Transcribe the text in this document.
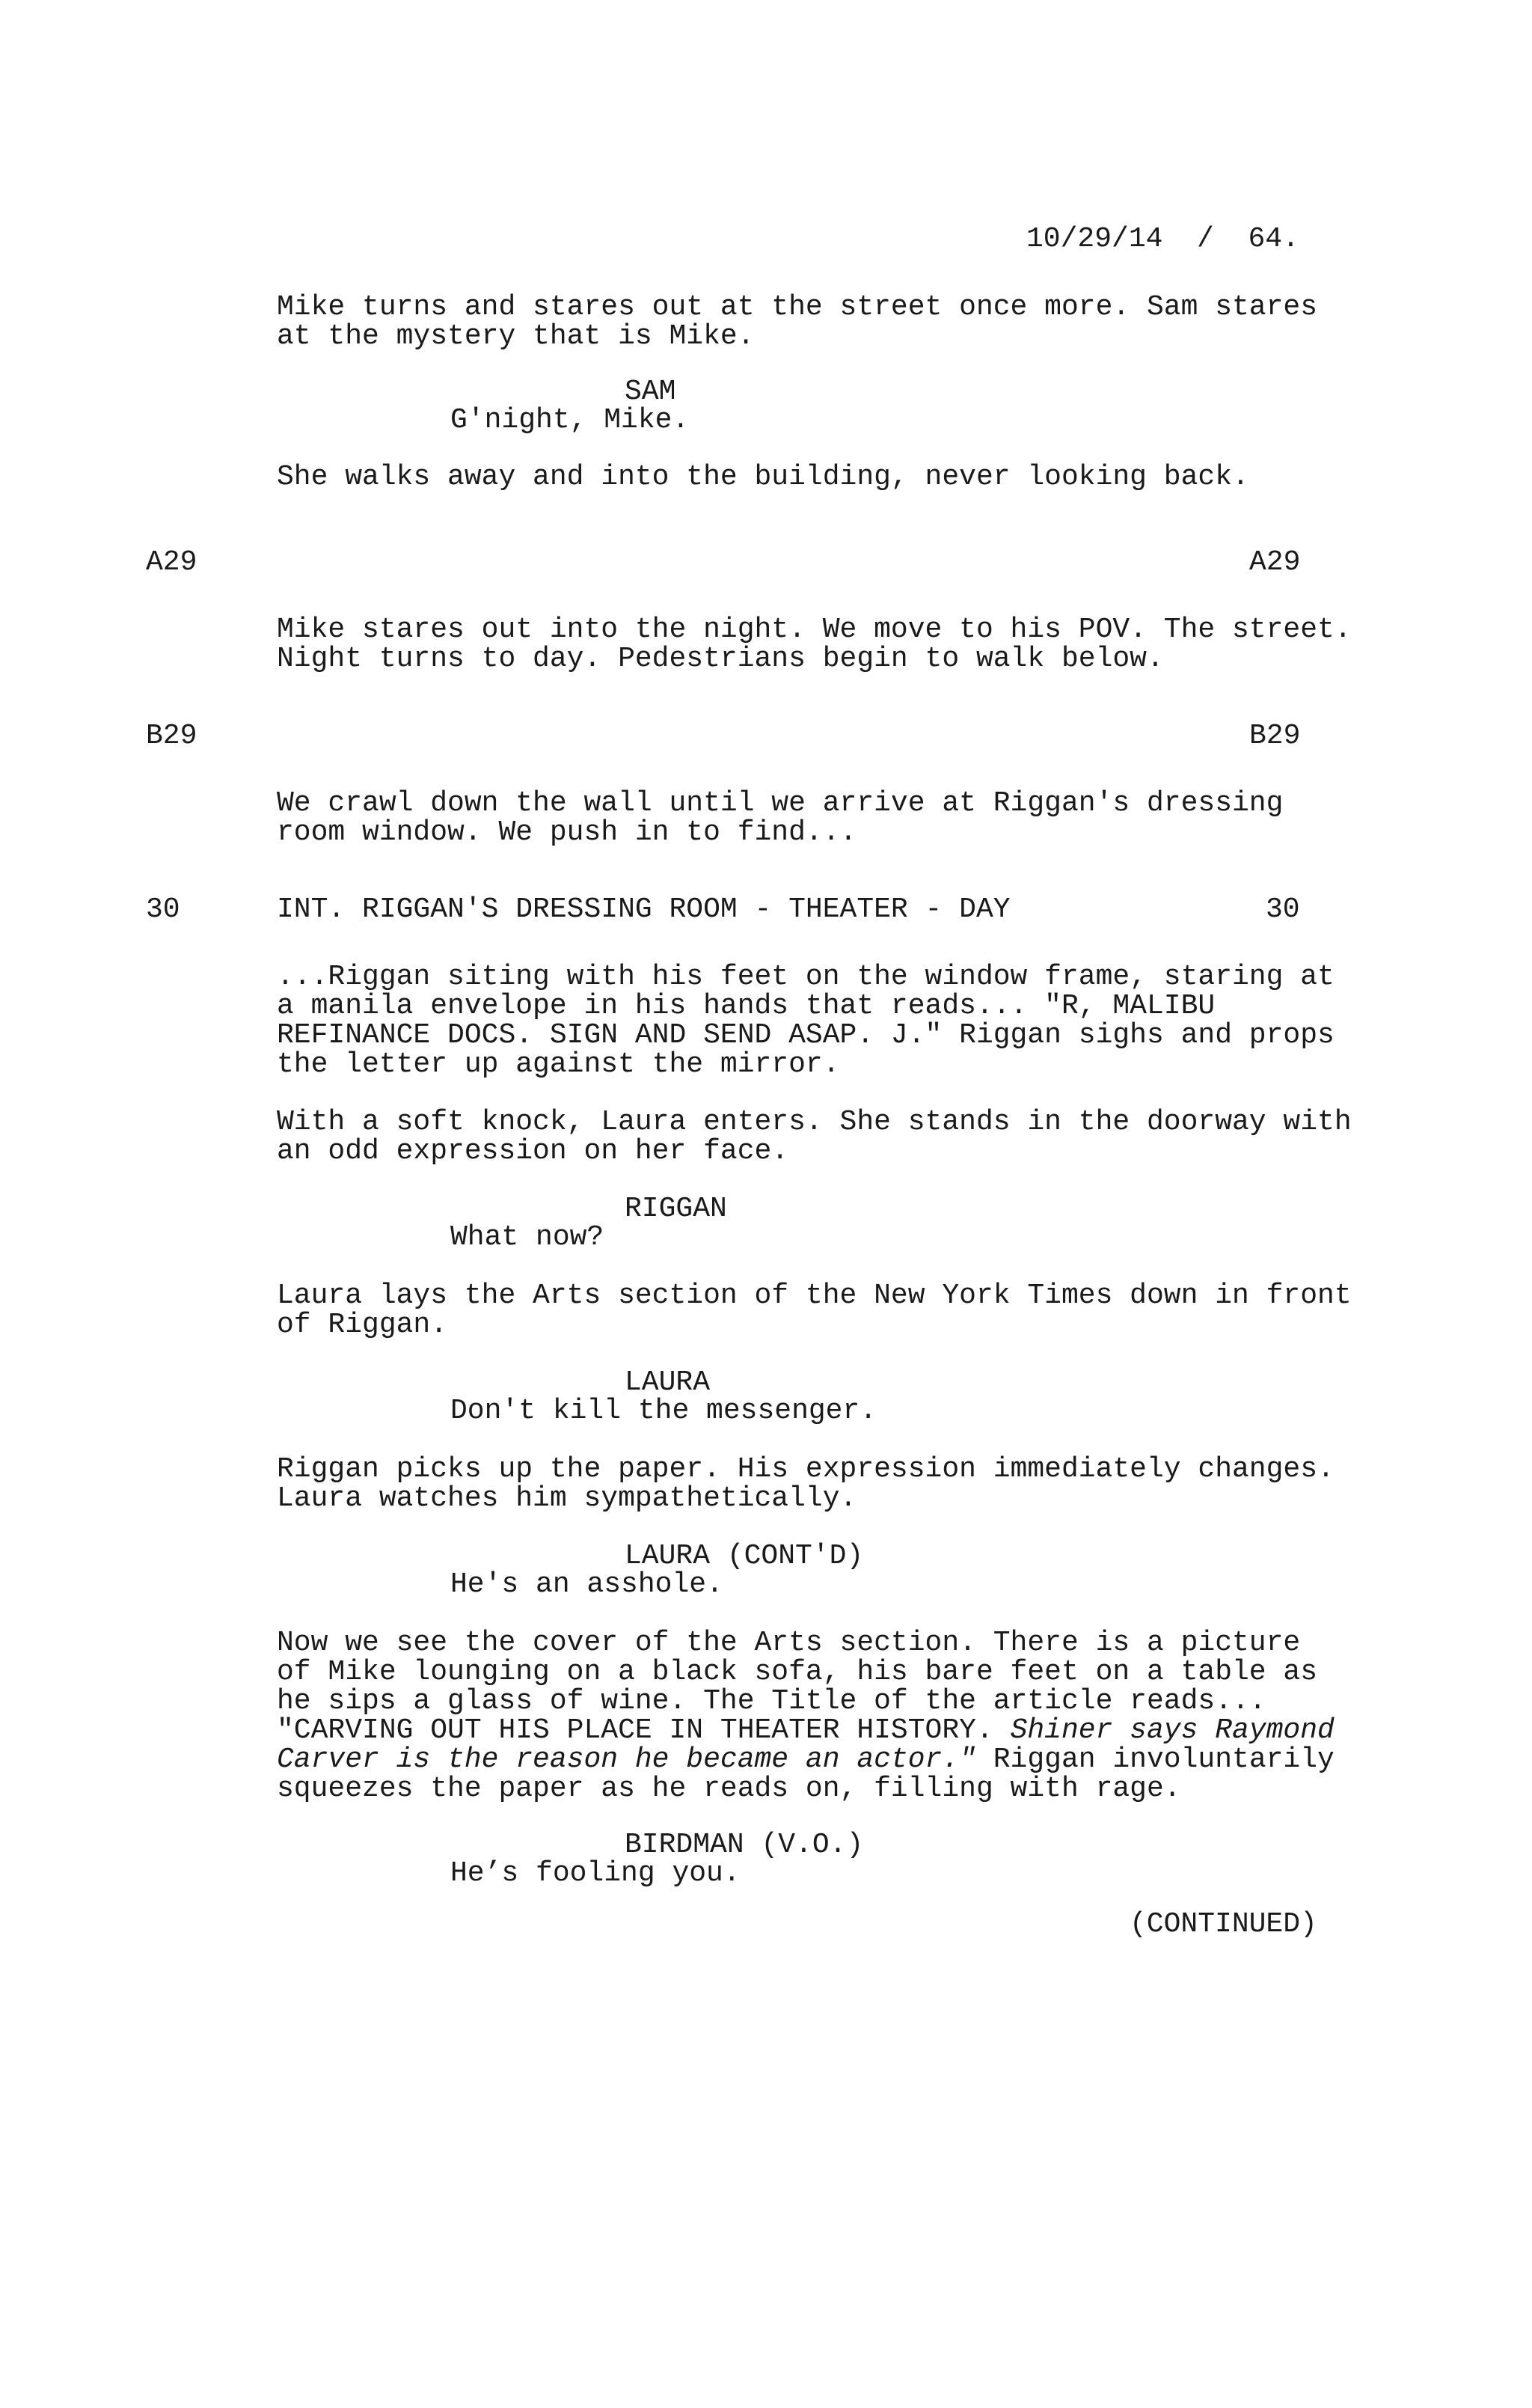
10/29/14  /  64.

Mike turns and stares out at the street once more. Sam stares
at the mystery that is Mike.

SAM
G'night, Mike.

She walks away and into the building, never looking back.

A29	A29

Mike stares out into the night. We move to his POV. The street.
Night turns to day. Pedestrians begin to walk below.

B29	B29

We crawl down the wall until we arrive at Riggan's dressing
room window. We push in to find...

30	INT. RIGGAN'S DRESSING ROOM - THEATER - DAY	30

...Riggan siting with his feet on the window frame, staring at
a manila envelope in his hands that reads... "R, MALIBU
REFINANCE DOCS. SIGN AND SEND ASAP. J." Riggan sighs and props
the letter up against the mirror.

With a soft knock, Laura enters. She stands in the doorway with
an odd expression on her face.

RIGGAN
What now?

Laura lays the Arts section of the New York Times down in front
of Riggan.

LAURA
Don't kill the messenger.

Riggan picks up the paper. His expression immediately changes.
Laura watches him sympathetically.

LAURA (CONT'D)
He's an asshole.

Now we see the cover of the Arts section. There is a picture
of Mike lounging on a black sofa, his bare feet on a table as
he sips a glass of wine. The Title of the article reads...
"CARVING OUT HIS PLACE IN THEATER HISTORY. Shiner says Raymond
Carver is the reason he became an actor." Riggan involuntarily
squeezes the paper as he reads on, filling with rage.

BIRDMAN (V.O.)
He’s fooling you.
(CONTINUED)
